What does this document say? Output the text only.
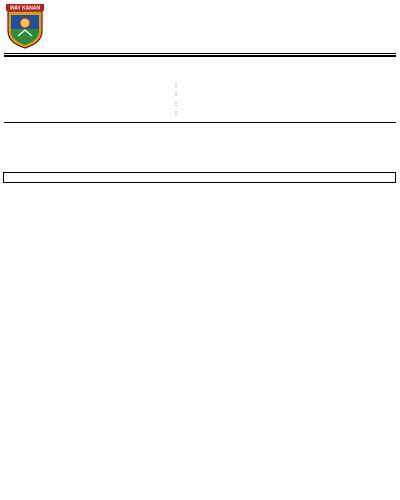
WAY KANAN
:
:
:
:
